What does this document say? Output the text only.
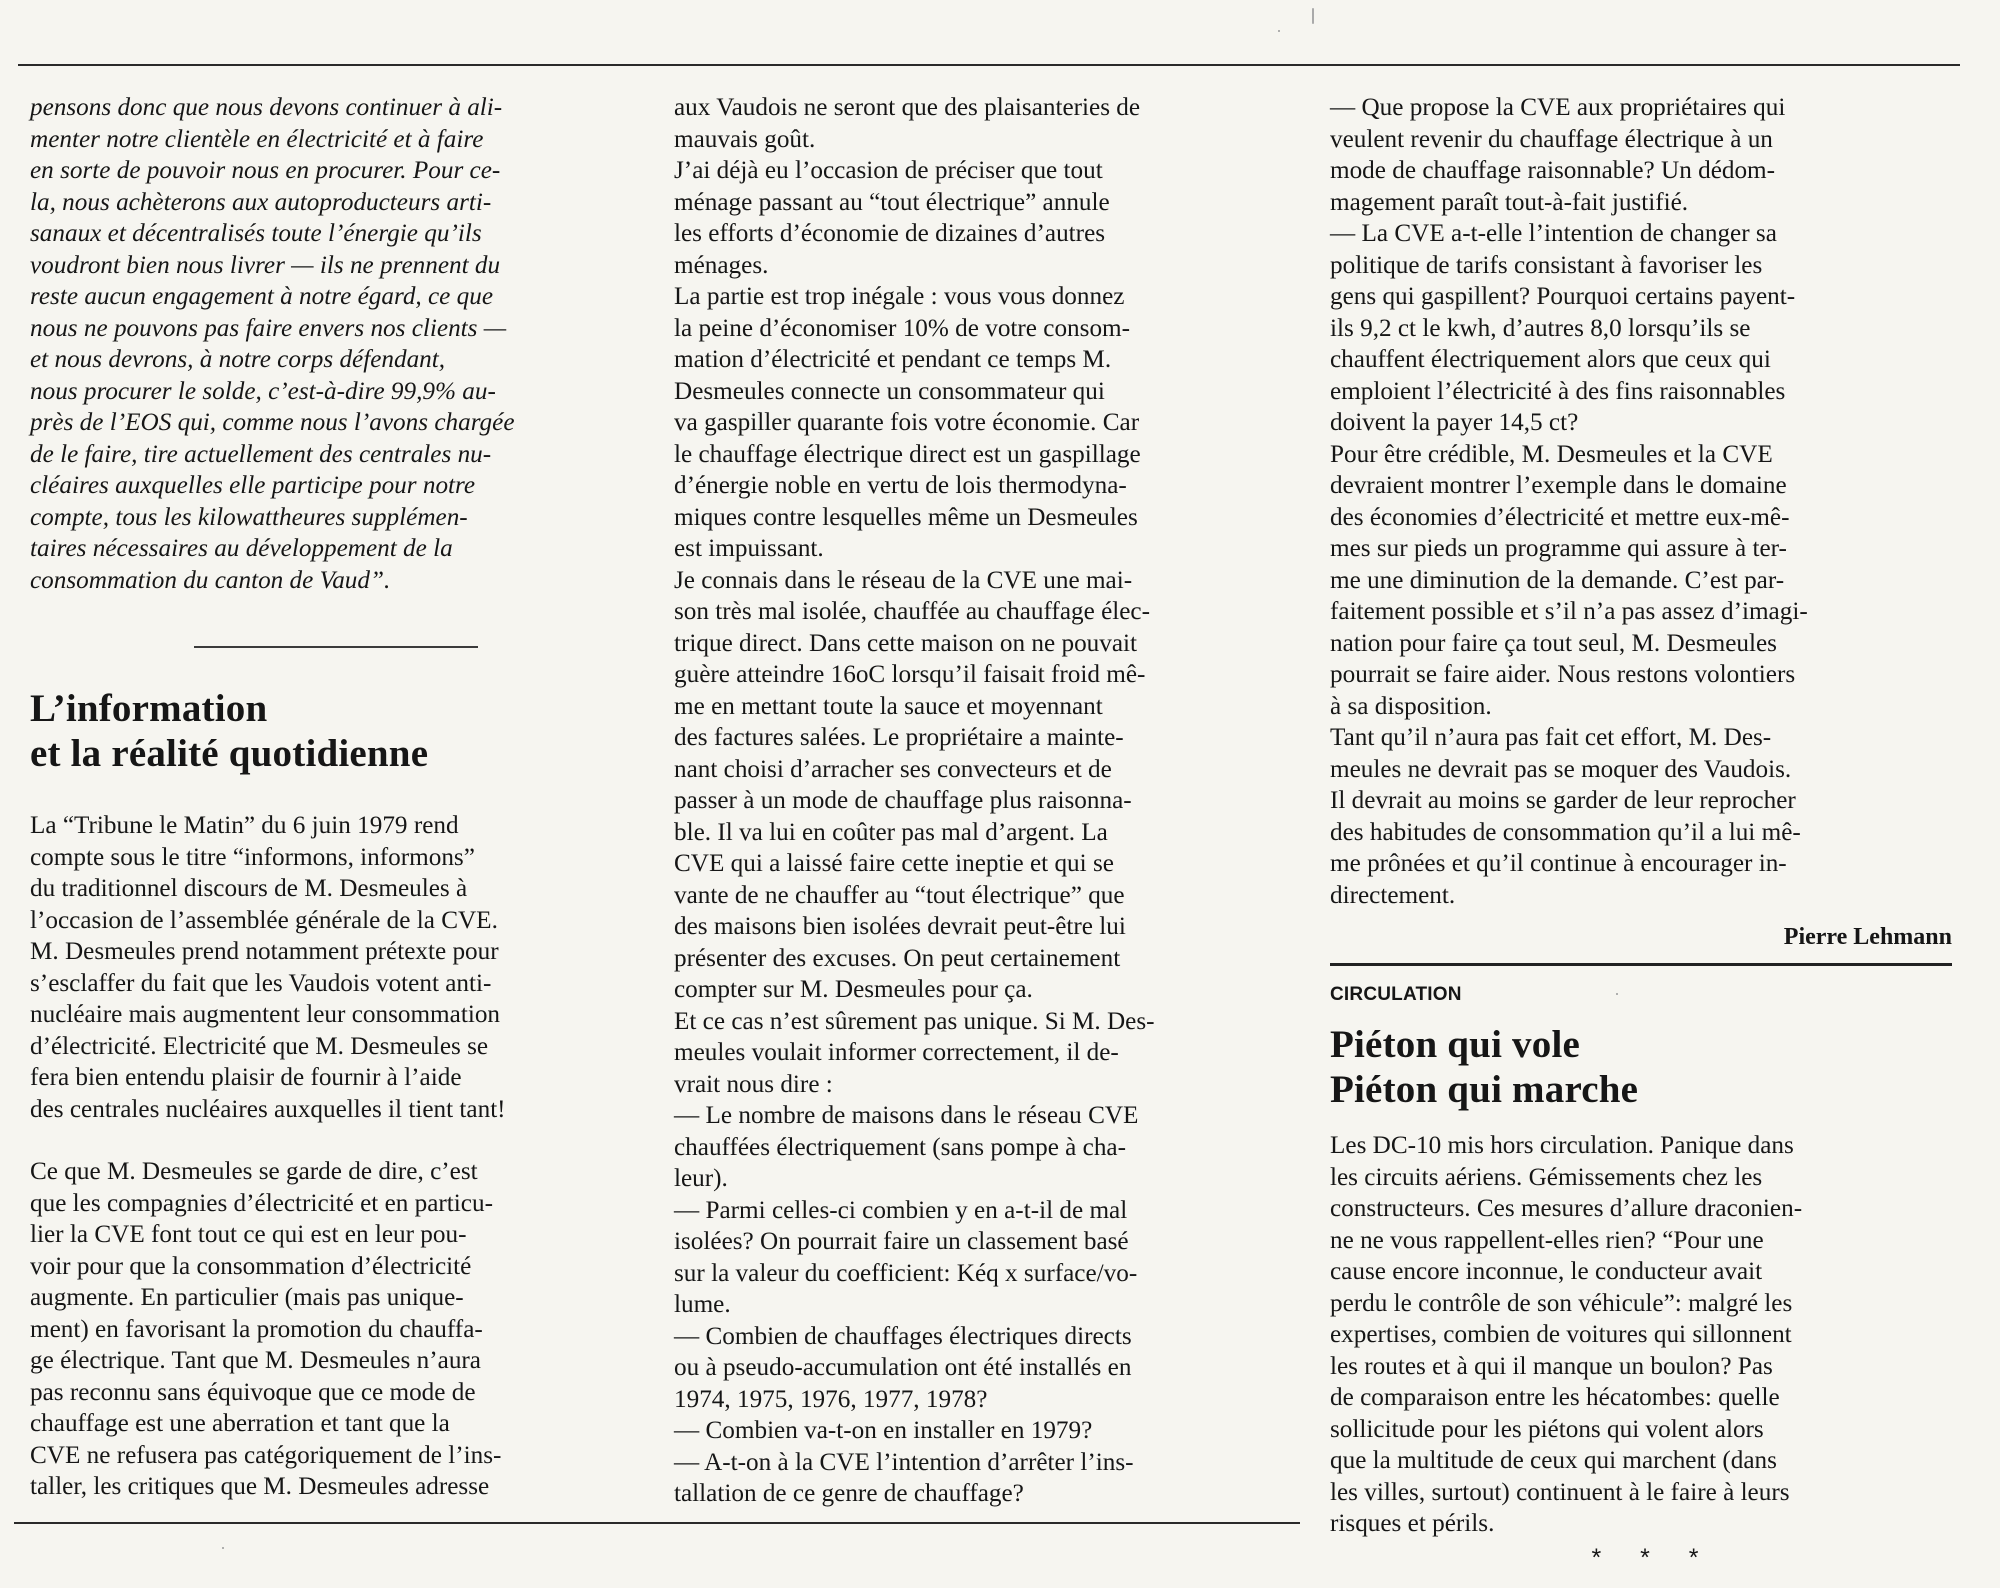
pensons donc que nous devons continuer à ali-
menter notre clientèle en électricité et à faire
en sorte de pouvoir nous en procurer. Pour ce-
la, nous achèterons aux autoproducteurs arti-
sanaux et décentralisés toute l’énergie qu’ils
voudront bien nous livrer — ils ne prennent du
reste aucun engagement à notre égard, ce que
nous ne pouvons pas faire envers nos clients —
et nous devrons, à notre corps défendant,
nous procurer le solde, c’est-à-dire 99,9% au-
près de l’EOS qui, comme nous l’avons chargée
de le faire, tire actuellement des centrales nu-
cléaires auxquelles elle participe pour notre
compte, tous les kilowattheures supplémen-
taires nécessaires au développement de la
consommation du canton de Vaud”.
L’information
et la réalité quotidienne
La “Tribune le Matin” du 6 juin 1979 rend
compte sous le titre “informons, informons”
du traditionnel discours de M. Desmeules à
l’occasion de l’assemblée générale de la CVE.
M. Desmeules prend notamment prétexte pour
s’esclaffer du fait que les Vaudois votent anti-
nucléaire mais augmentent leur consommation
d’électricité. Electricité que M. Desmeules se
fera bien entendu plaisir de fournir à l’aide
des centrales nucléaires auxquelles il tient tant!
Ce que M. Desmeules se garde de dire, c’est
que les compagnies d’électricité et en particu-
lier la CVE font tout ce qui est en leur pou-
voir pour que la consommation d’électricité
augmente. En particulier (mais pas unique-
ment) en favorisant la promotion du chauffa-
ge électrique. Tant que M. Desmeules n’aura
pas reconnu sans équivoque que ce mode de
chauffage est une aberration et tant que la
CVE ne refusera pas catégoriquement de l’ins-
taller, les critiques que M. Desmeules adresse
aux Vaudois ne seront que des plaisanteries de
mauvais goût.
J’ai déjà eu l’occasion de préciser que tout
ménage passant au “tout électrique” annule
les efforts d’économie de dizaines d’autres
ménages.
La partie est trop inégale : vous vous donnez
la peine d’économiser 10% de votre consom-
mation d’électricité et pendant ce temps M.
Desmeules connecte un consommateur qui
va gaspiller quarante fois votre économie. Car
le chauffage électrique direct est un gaspillage
d’énergie noble en vertu de lois thermodyna-
miques contre lesquelles même un Desmeules
est impuissant.
Je connais dans le réseau de la CVE une mai-
son très mal isolée, chauffée au chauffage élec-
trique direct. Dans cette maison on ne pouvait
guère atteindre 16oC lorsqu’il faisait froid mê-
me en mettant toute la sauce et moyennant
des factures salées. Le propriétaire a mainte-
nant choisi d’arracher ses convecteurs et de
passer à un mode de chauffage plus raisonna-
ble. Il va lui en coûter pas mal d’argent. La
CVE qui a laissé faire cette ineptie et qui se
vante de ne chauffer au “tout électrique” que
des maisons bien isolées devrait peut-être lui
présenter des excuses. On peut certainement
compter sur M. Desmeules pour ça.
Et ce cas n’est sûrement pas unique. Si M. Des-
meules voulait informer correctement, il de-
vrait nous dire :
— Le nombre de maisons dans le réseau CVE
chauffées électriquement (sans pompe à cha-
leur).
— Parmi celles-ci combien y en a-t-il de mal
isolées? On pourrait faire un classement basé
sur la valeur du coefficient: Kéq x surface/vo-
lume.
— Combien de chauffages électriques directs
ou à pseudo-accumulation ont été installés en
1974, 1975, 1976, 1977, 1978?
— Combien va-t-on en installer en 1979?
— A-t-on à la CVE l’intention d’arrêter l’ins-
tallation de ce genre de chauffage?
— Que propose la CVE aux propriétaires qui
veulent revenir du chauffage électrique à un
mode de chauffage raisonnable? Un dédom-
magement paraît tout-à-fait justifié.
— La CVE a-t-elle l’intention de changer sa
politique de tarifs consistant à favoriser les
gens qui gaspillent? Pourquoi certains payent-
ils 9,2 ct le kwh, d’autres 8,0 lorsqu’ils se
chauffent électriquement alors que ceux qui
emploient l’électricité à des fins raisonnables
doivent la payer 14,5 ct?
Pour être crédible, M. Desmeules et la CVE
devraient montrer l’exemple dans le domaine
des économies d’électricité et mettre eux-mê-
mes sur pieds un programme qui assure à ter-
me une diminution de la demande. C’est par-
faitement possible et s’il n’a pas assez d’imagi-
nation pour faire ça tout seul, M. Desmeules
pourrait se faire aider. Nous restons volontiers
à sa disposition.
Tant qu’il n’aura pas fait cet effort, M. Des-
meules ne devrait pas se moquer des Vaudois.
Il devrait au moins se garder de leur reprocher
des habitudes de consommation qu’il a lui mê-
me prônées et qu’il continue à encourager in-
directement.
Pierre Lehmann
CIRCULATION
Piéton qui vole
Piéton qui marche
Les DC-10 mis hors circulation. Panique dans
les circuits aériens. Gémissements chez les
constructeurs. Ces mesures d’allure draconien-
ne ne vous rappellent-elles rien? “Pour une
cause encore inconnue, le conducteur avait
perdu le contrôle de son véhicule”: malgré les
expertises, combien de voitures qui sillonnent
les routes et à qui il manque un boulon? Pas
de comparaison entre les hécatombes: quelle
sollicitude pour les piétons qui volent alors
que la multitude de ceux qui marchent (dans
les villes, surtout) continuent à le faire à leurs
risques et périls.
* * *
